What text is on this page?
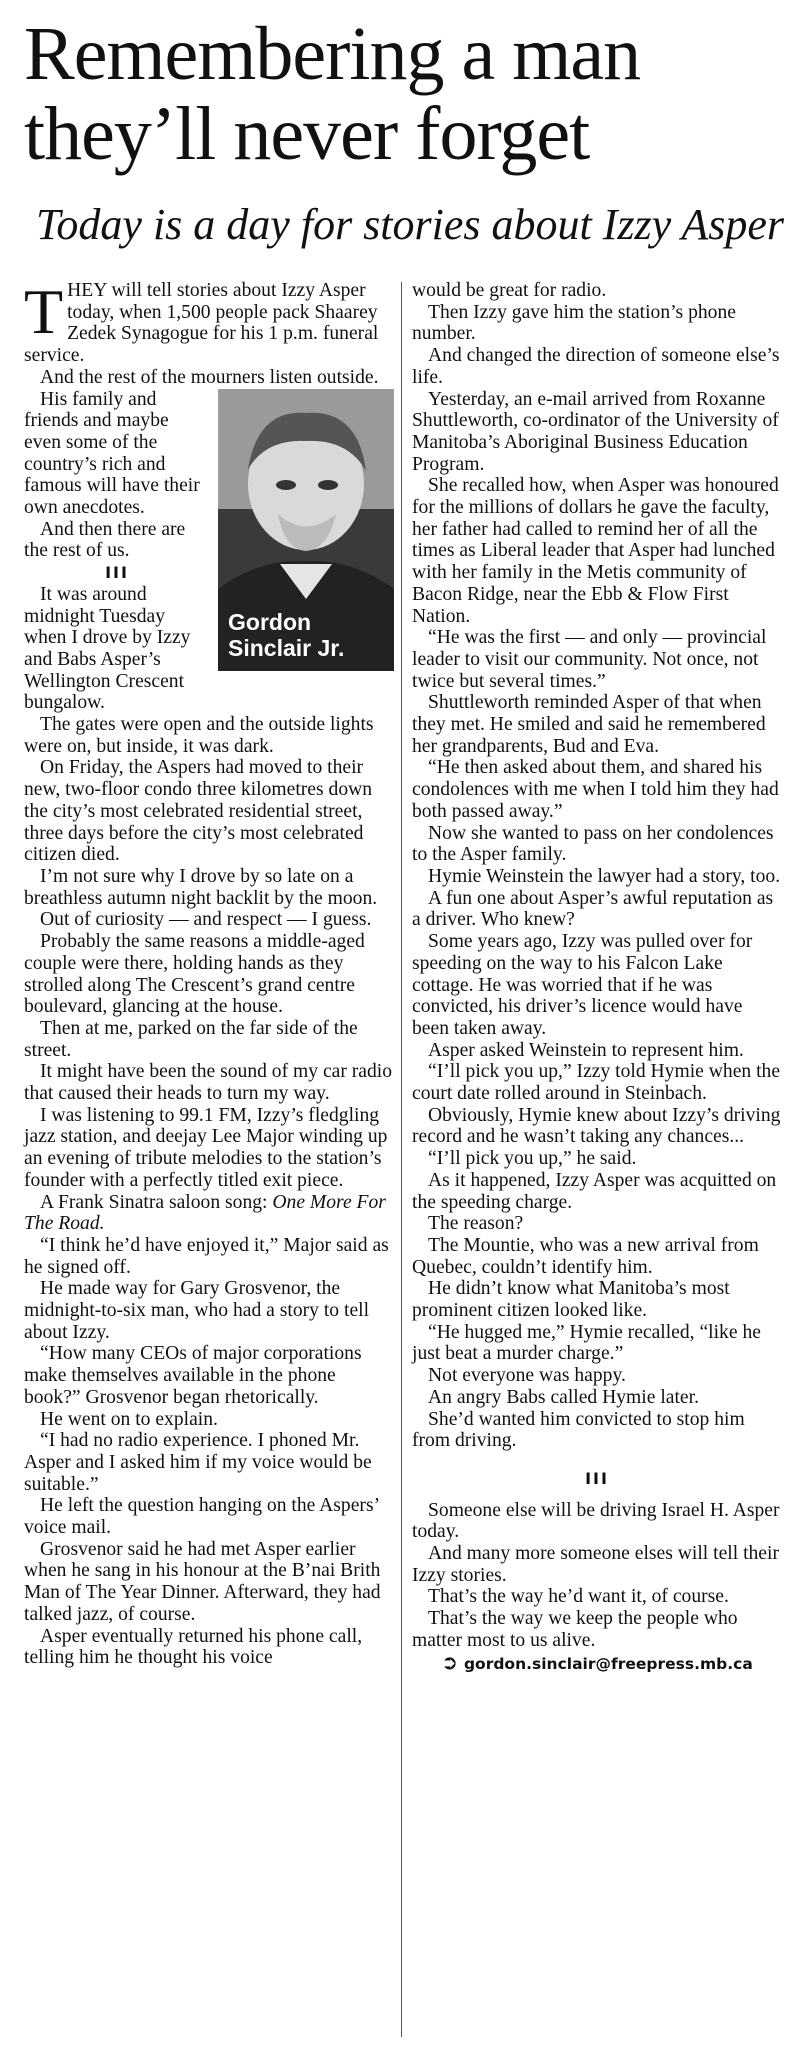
Remembering a man they’ll never forget
Today is a day for stories about Izzy Asper

THEY will tell stories about Izzy Asper today, when 1,500 people pack Shaarey Zedek Synagogue for his 1 p.m. funeral service.

And the rest of the mourners listen outside.

Gordon
Sinclair Jr.

His family and friends and maybe even some of the country’s rich and famous will have their own anecdotes.

And then there are the rest of us.

III

It was around midnight Tuesday when I drove by Izzy and Babs Asper’s Wellington Crescent bungalow.

The gates were open and the outside lights were on, but inside, it was dark.

On Friday, the Aspers had moved to their new, two-floor condo three kilometres down the city’s most celebrated residential street, three days before the city’s most celebrated citizen died.

I’m not sure why I drove by so late on a breathless autumn night backlit by the moon.

Out of curiosity — and respect — I guess.

Probably the same reasons a middle-aged couple were there, holding hands as they strolled along The Crescent’s grand centre boulevard, glancing at the house.

Then at me, parked on the far side of the street.

It might have been the sound of my car radio that caused their heads to turn my way.

I was listening to 99.1 FM, Izzy’s fledgling jazz station, and deejay Lee Major winding up an evening of tribute melodies to the station’s founder with a perfectly titled exit piece.

A Frank Sinatra saloon song: One More For The Road.

“I think he’d have enjoyed it,” Major said as he signed off.

He made way for Gary Grosvenor, the midnight-to-six man, who had a story to tell about Izzy.

“How many CEOs of major corporations make themselves available in the phone book?” Grosvenor began rhetorically.

He went on to explain.

“I had no radio experience. I phoned Mr. Asper and I asked him if my voice would be suitable.”

He left the question hanging on the Aspers’ voice mail.

Grosvenor said he had met Asper earlier when he sang in his honour at the B’nai Brith Man of The Year Dinner. Afterward, they had talked jazz, of course.

Asper eventually returned his phone call, telling him he thought his voice

would be great for radio.

Then Izzy gave him the station’s phone number.

And changed the direction of someone else’s life.

Yesterday, an e-mail arrived from Roxanne Shuttleworth, co-ordinator of the University of Manitoba’s Aboriginal Business Education Program.

She recalled how, when Asper was honoured for the millions of dollars he gave the faculty, her father had called to remind her of all the times as Liberal leader that Asper had lunched with her family in the Metis community of Bacon Ridge, near the Ebb & Flow First Nation.

“He was the first — and only — provincial leader to visit our community. Not once, not twice but several times.”

Shuttleworth reminded Asper of that when they met. He smiled and said he remembered her grandparents, Bud and Eva.

“He then asked about them, and shared his condolences with me when I told him they had both passed away.”

Now she wanted to pass on her condolences to the Asper family.

Hymie Weinstein the lawyer had a story, too.

A fun one about Asper’s awful reputation as a driver. Who knew?

Some years ago, Izzy was pulled over for speeding on the way to his Falcon Lake cottage. He was worried that if he was convicted, his driver’s licence would have been taken away.

Asper asked Weinstein to represent him.

“I’ll pick you up,” Izzy told Hymie when the court date rolled around in Steinbach.

Obviously, Hymie knew about Izzy’s driving record and he wasn’t taking any chances...

“I’ll pick you up,” he said.

As it happened, Izzy Asper was acquitted on the speeding charge.

The reason?

The Mountie, who was a new arrival from Quebec, couldn’t identify him.

He didn’t know what Manitoba’s most prominent citizen looked like.

“He hugged me,” Hymie recalled, “like he just beat a murder charge.”

Not everyone was happy.

An angry Babs called Hymie later.

She’d wanted him convicted to stop him from driving.

III

Someone else will be driving Israel H. Asper today.

And many more someone elses will tell their Izzy stories.

That’s the way he’d want it, of course.

That’s the way we keep the people who matter most to us alive.

➲ gordon.sinclair@freepress.mb.ca
